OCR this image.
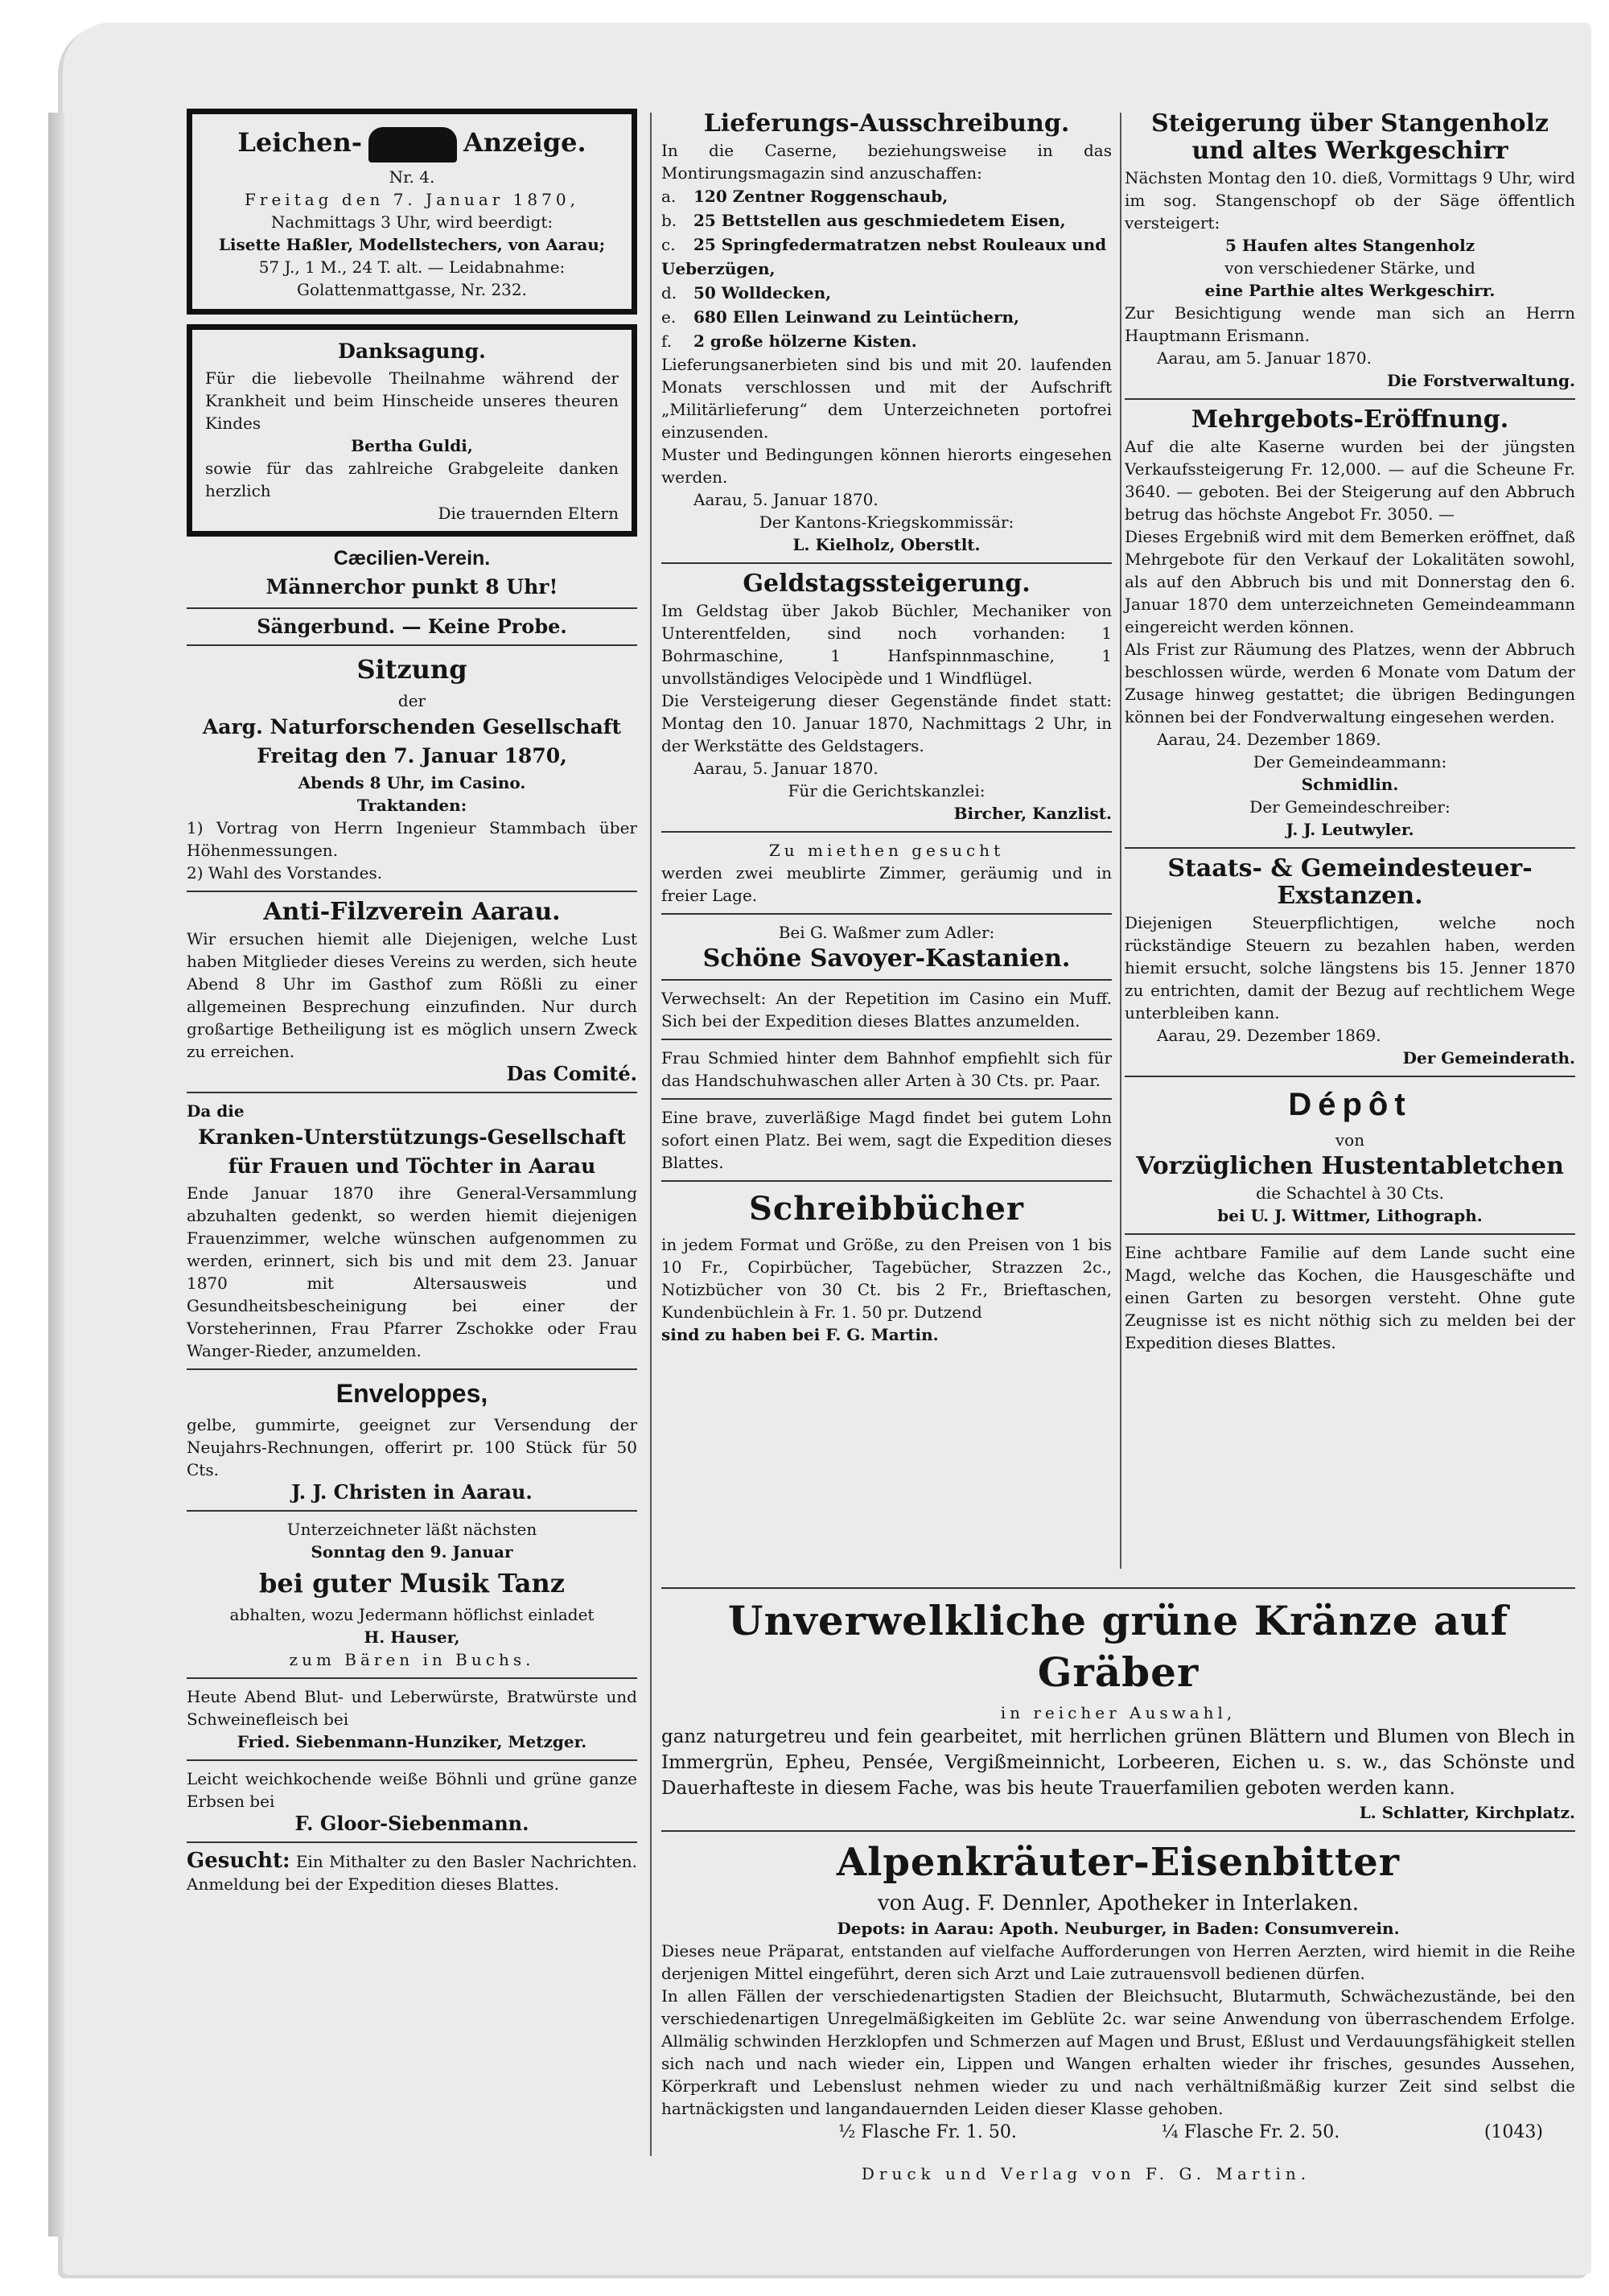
Leichen-	Anzeige.

Nr. 4.

Freitag den 7. Januar 1870,

Nachmittags 3 Uhr, wird beerdigt:

Lisette Haßler, Modellstechers, von Aarau;

57 J., 1 M., 24 T. alt. — Leidabnahme:

Golattenmattgasse, Nr. 232.

Danksagung.

Für die liebevolle Theilnahme während der Krankheit und beim Hinscheide unseres theuren Kindes

Bertha Guldi,

sowie für das zahlreiche Grabgeleite danken herzlich

Die trauernden Eltern

Cæcilien-Verein.

Männerchor punkt 8 Uhr!

Sängerbund. — Keine Probe.

Sitzung

der

Aarg. Naturforschenden Gesellschaft

Freitag den 7. Januar 1870,

Abends 8 Uhr, im Casino.

Traktanden:

1) Vortrag von Herrn Ingenieur Stammbach über Höhenmessungen.

2) Wahl des Vorstandes.

Anti-Filzverein Aarau.

Wir ersuchen hiemit alle Diejenigen, welche Lust haben Mitglieder dieses Vereins zu werden, sich heute Abend 8 Uhr im Gasthof zum Rößli zu einer allgemeinen Besprechung einzufinden. Nur durch großartige Betheiligung ist es möglich unsern Zweck zu erreichen.

Das Comité.

Da die

Kranken-Unterstützungs-Gesellschaft

für Frauen und Töchter in Aarau

Ende Januar 1870 ihre General-Versammlung abzuhalten gedenkt, so werden hiemit diejenigen Frauenzimmer, welche wünschen aufgenommen zu werden, erinnert, sich bis und mit dem 23. Januar 1870 mit Altersausweis und Gesundheitsbescheinigung bei einer der Vorsteherinnen, Frau Pfarrer Zschokke oder Frau Wanger-Rieder, anzumelden.

Enveloppes,

gelbe, gummirte, geeignet zur Versendung der Neujahrs-Rechnungen, offerirt pr. 100 Stück für 50 Cts.

J. J. Christen in Aarau.

Unterzeichneter läßt nächsten

Sonntag den 9. Januar

bei guter Musik Tanz

abhalten, wozu Jedermann höflichst einladet

H. Hauser,

zum Bären in Buchs.

Heute Abend Blut- und Leberwürste, Bratwürste und Schweinefleisch bei

Fried. Siebenmann-Hunziker, Metzger.

Leicht weichkochende weiße Böhnli und grüne ganze Erbsen bei

F. Gloor-Siebenmann.

Gesucht: Ein Mithalter zu den Basler Nachrichten. Anmeldung bei der Expedition dieses Blattes.

Lieferungs-Ausschreibung.

In die Caserne, beziehungsweise in das Montirungsmagazin sind anzuschaffen:

a. 120 Zentner Roggenschaub,
b. 25 Bettstellen aus geschmiedetem Eisen,
c. 25 Springfedermatratzen nebst Rouleaux und Ueberzügen,
d. 50 Wolldecken,
e. 680 Ellen Leinwand zu Leintüchern,
f. 2 große hölzerne Kisten.

Lieferungsanerbieten sind bis und mit 20. laufenden Monats verschlossen und mit der Aufschrift „Militärlieferung“ dem Unterzeichneten portofrei einzusenden.

Muster und Bedingungen können hierorts eingesehen werden.

Aarau, 5. Januar 1870.

Der Kantons-Kriegskommissär:

L. Kielholz, Oberstlt.

Geldstagssteigerung.

Im Geldstag über Jakob Büchler, Mechaniker von Unterentfelden, sind noch vorhanden: 1 Bohrmaschine, 1 Hanfspinnmaschine, 1 unvollständiges Velocipède und 1 Windflügel.

Die Versteigerung dieser Gegenstände findet statt: Montag den 10. Januar 1870, Nachmittags 2 Uhr, in der Werkstätte des Geldstagers.

Aarau, 5. Januar 1870.

Für die Gerichtskanzlei:

Bircher, Kanzlist.

Zu miethen gesucht

werden zwei meublirte Zimmer, geräumig und in freier Lage.

Bei G. Waßmer zum Adler:

Schöne Savoyer-Kastanien.

Verwechselt: An der Repetition im Casino ein Muff. Sich bei der Expedition dieses Blattes anzumelden.

Frau Schmied hinter dem Bahnhof empfiehlt sich für das Handschuhwaschen aller Arten à 30 Cts. pr. Paar.

Eine brave, zuverläßige Magd findet bei gutem Lohn sofort einen Platz. Bei wem, sagt die Expedition dieses Blattes.

Schreibbücher

in jedem Format und Größe, zu den Preisen von 1 bis 10 Fr., Copirbücher, Tagebücher, Strazzen 2c., Notizbücher von 30 Ct. bis 2 Fr., Brieftaschen, Kundenbüchlein à Fr. 1. 50 pr. Dutzend

sind zu haben bei F. G. Martin.

Steigerung über Stangenholz und altes Werkgeschirr

Nächsten Montag den 10. dieß, Vormittags 9 Uhr, wird im sog. Stangenschopf ob der Säge öffentlich versteigert:

5 Haufen altes Stangenholz

von verschiedener Stärke, und

eine Parthie altes Werkgeschirr.

Zur Besichtigung wende man sich an Herrn Hauptmann Erismann.

Aarau, am 5. Januar 1870.

Die Forstverwaltung.

Mehrgebots-Eröffnung.

Auf die alte Kaserne wurden bei der jüngsten Verkaufssteigerung Fr. 12,000. — auf die Scheune Fr. 3640. — geboten. Bei der Steigerung auf den Abbruch betrug das höchste Angebot Fr. 3050. —

Dieses Ergebniß wird mit dem Bemerken eröffnet, daß Mehrgebote für den Verkauf der Lokalitäten sowohl, als auf den Abbruch bis und mit Donnerstag den 6. Januar 1870 dem unterzeichneten Gemeindeammann eingereicht werden können.

Als Frist zur Räumung des Platzes, wenn der Abbruch beschlossen würde, werden 6 Monate vom Datum der Zusage hinweg gestattet; die übrigen Bedingungen können bei der Fondverwaltung eingesehen werden.

Aarau, 24. Dezember 1869.

Der Gemeindeammann:

Schmidlin.

Der Gemeindeschreiber:

J. J. Leutwyler.

Staats- & Gemeindesteuer-Exstanzen.

Diejenigen Steuerpflichtigen, welche noch rückständige Steuern zu bezahlen haben, werden hiemit ersucht, solche längstens bis 15. Jenner 1870 zu entrichten, damit der Bezug auf rechtlichem Wege unterbleiben kann.

Aarau, 29. Dezember 1869.

Der Gemeinderath.

Dépôt

von

Vorzüglichen Hustentabletchen

die Schachtel à 30 Cts.

bei U. J. Wittmer, Lithograph.

Eine achtbare Familie auf dem Lande sucht eine Magd, welche das Kochen, die Hausgeschäfte und einen Garten zu besorgen versteht. Ohne gute Zeugnisse ist es nicht nöthig sich zu melden bei der Expedition dieses Blattes.

Unverwelkliche grüne Kränze auf Gräber

in reicher Auswahl,

ganz naturgetreu und fein gearbeitet, mit herrlichen grünen Blättern und Blumen von Blech in Immergrün, Epheu, Pensée, Vergißmeinnicht, Lorbeeren, Eichen u. s. w., das Schönste und Dauerhafteste in diesem Fache, was bis heute Trauerfamilien geboten werden kann.

L. Schlatter, Kirchplatz.

Alpenkräuter-Eisenbitter

von Aug. F. Dennler, Apotheker in Interlaken.

Depots: in Aarau: Apoth. Neuburger, in Baden: Consumverein.

Dieses neue Präparat, entstanden auf vielfache Aufforderungen von Herren Aerzten, wird hiemit in die Reihe derjenigen Mittel eingeführt, deren sich Arzt und Laie zutrauensvoll bedienen dürfen.

In allen Fällen der verschiedenartigsten Stadien der Bleichsucht, Blutarmuth, Schwächezustände, bei den verschiedenartigen Unregelmäßigkeiten im Geblüte 2c. war seine Anwendung von überraschendem Erfolge. Allmälig schwinden Herzklopfen und Schmerzen auf Magen und Brust, Eßlust und Verdauungsfähigkeit stellen sich nach und nach wieder ein, Lippen und Wangen erhalten wieder ihr frisches, gesundes Aussehen, Körperkraft und Lebenslust nehmen wieder zu und nach verhältnißmäßig kurzer Zeit sind selbst die hartnäckigsten und langandauernden Leiden dieser Klasse gehoben.

½ Flasche Fr. 1. 50.	¼ Flasche Fr. 2. 50.	(1043)
Druck und Verlag von F. G. Martin.
